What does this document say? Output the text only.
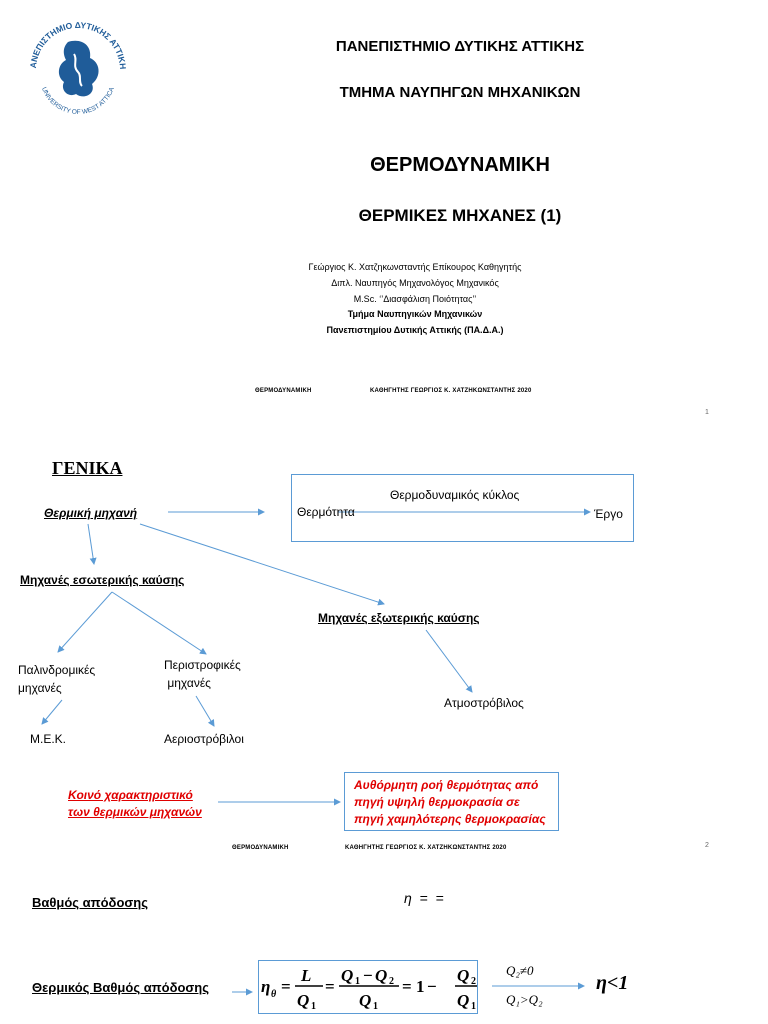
ΑΝΕΠΙΣΤΗΜΙΟ ΔΥΤΙΚΗΣ ΑΤΤΙΚΗ
UNIVERSITY OF WEST ATTICA
ΠΑΝΕΠΙΣΤΗΜΙΟ ΔΥΤΙΚΗΣ ΑΤΤΙΚΗΣ
ΤΜΗΜΑ ΝΑΥΠΗΓΩΝ ΜΗΧΑΝΙΚΩΝ
ΘΕΡΜΟΔΥΝΑΜΙΚΗ
ΘΕΡΜΙΚΕΣ ΜΗΧΑΝΕΣ (1)
Γεώργιος Κ. Χατζηκωνσταντής Επίκουρος Καθηγητής
Διπλ. Ναυπηγός Μηχανολόγος Μηχανικός
M.Sc. ‘’Διασφάλιση Ποιότητας’’
Τμήμα Ναυπηγικών Μηχανικών
Πανεπιστημίου Δυτικής Αττικής (ΠΑ.Δ.Α.)
ΘΕΡΜΟΔΥΝΑΜΙΚΗ	ΚΑΘΗΓΗΤΗΣ ΓΕΩΡΓΙΟΣ Κ. ΧΑΤΖΗΚΩΝΣΤΑΝΤΗΣ 2020
1
ΓΕΝΙΚΑ
Θερμική μηχανή
Θερμοδυναμικός κύκλος
Θερμότητα	Έργο
Μηχανές εσωτερικής καύσης
Μηχανές εξωτερικής καύσης
Παλινδρομικές
μηχανές
Περιστροφικές
μηχανές
Ατμοστρόβιλος
Μ.Ε.Κ.	Αεριοστρόβιλοι
Κοινό χαρακτηριστικό
των θερμικών μηχανών
Αυθόρμητη ροή θερμότητας από
πηγή υψηλή θερμοκρασία σε
πηγή χαμηλότερης θερμοκρασίας
ΘΕΡΜΟΔΥΝΑΜΙΚΗ	ΚΑΘΗΓΗΤΗΣ ΓΕΩΡΓΙΟΣ Κ. ΧΑΤΖΗΚΩΝΣΤΑΝΤΗΣ 2020	2
Βαθμός απόδοσης	η  =  =
Θερμικός Βαθμός απόδοσης	η θ =
L
Q 1
=
Q 1 − Q 2
Q 1
= 1 −
Q 2
Q 1
Q₂≠0
Q₁>Q₂
η<1
